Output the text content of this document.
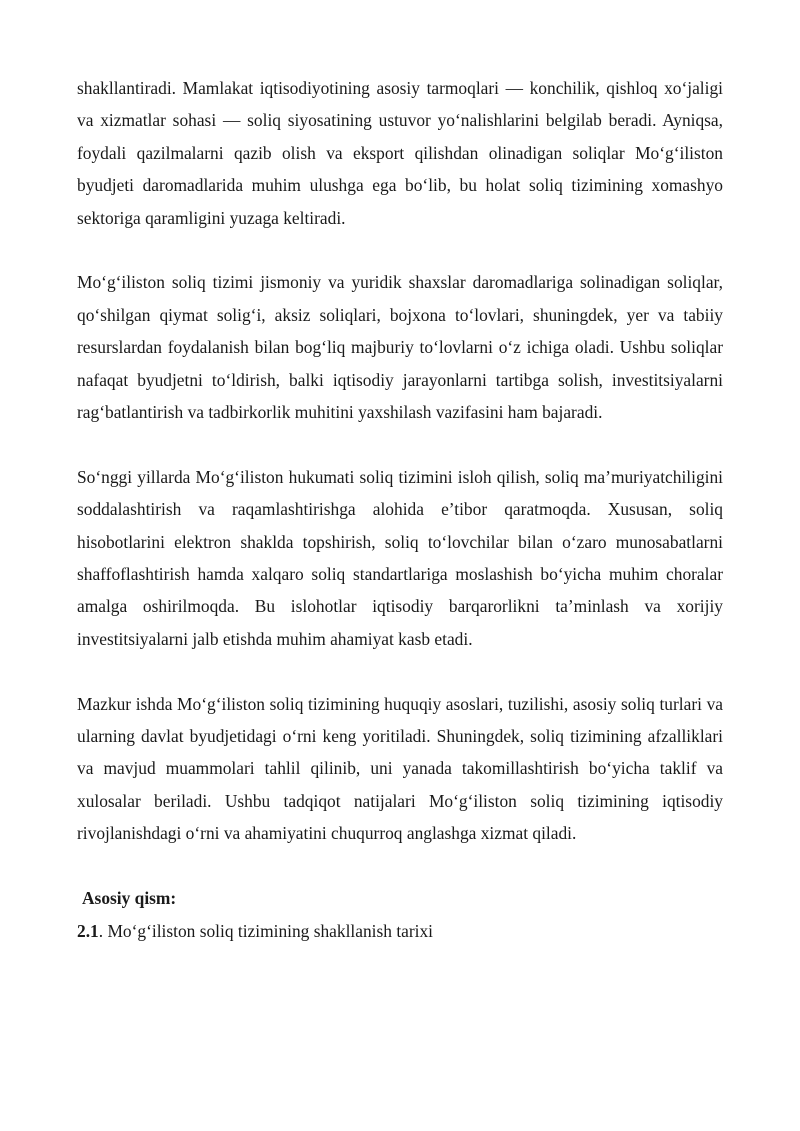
shakllantiradi. Mamlakat iqtisodiyotining asosiy tarmoqlari — konchilik, qishloq xo‘jaligi va xizmatlar sohasi — soliq siyosatining ustuvor yo‘nalishlarini belgilab beradi. Ayniqsa, foydali qazilmalarni qazib olish va eksport qilishdan olinadigan soliqlar Mo‘g‘iliston byudjeti daromadlarida muhim ulushga ega bo‘lib, bu holat soliq tizimining xomashyo sektoriga qaramligini yuzaga keltiradi.

Mo‘g‘iliston soliq tizimi jismoniy va yuridik shaxslar daromadlariga solinadigan soliqlar, qo‘shilgan qiymat solig‘i, aksiz soliqlari, bojxona to‘lovlari, shuningdek, yer va tabiiy resurslardan foydalanish bilan bog‘liq majburiy to‘lovlarni o‘z ichiga oladi. Ushbu soliqlar nafaqat byudjetni to‘ldirish, balki iqtisodiy jarayonlarni tartibga solish, investitsiyalarni rag‘batlantirish va tadbirkorlik muhitini yaxshilash vazifasini ham bajaradi.

So‘nggi yillarda Mo‘g‘iliston hukumati soliq tizimini isloh qilish, soliq ma’muriyatchiligini soddalashtirish va raqamlashtirishga alohida e’tibor qaratmoqda. Xususan, soliq hisobotlarini elektron shaklda topshirish, soliq to‘lovchilar bilan o‘zaro munosabatlarni shaffoflashtirish hamda xalqaro soliq standartlariga moslashish bo‘yicha muhim choralar amalga oshirilmoqda. Bu islohotlar iqtisodiy barqarorlikni ta’minlash va xorijiy investitsiyalarni jalb etishda muhim ahamiyat kasb etadi.

Mazkur ishda Mo‘g‘iliston soliq tizimining huquqiy asoslari, tuzilishi, asosiy soliq turlari va ularning davlat byudjetidagi o‘rni keng yoritiladi. Shuningdek, soliq tizimining afzalliklari va mavjud muammolari tahlil qilinib, uni yanada takomillashtirish bo‘yicha taklif va xulosalar beriladi. Ushbu tadqiqot natijalari Mo‘g‘iliston soliq tizimining iqtisodiy rivojlanishdagi o‘rni va ahamiyatini chuqurroq anglashga xizmat qiladi.

Asosiy qism:

2.1. Mo‘g‘iliston soliq tizimining shakllanish tarixi
